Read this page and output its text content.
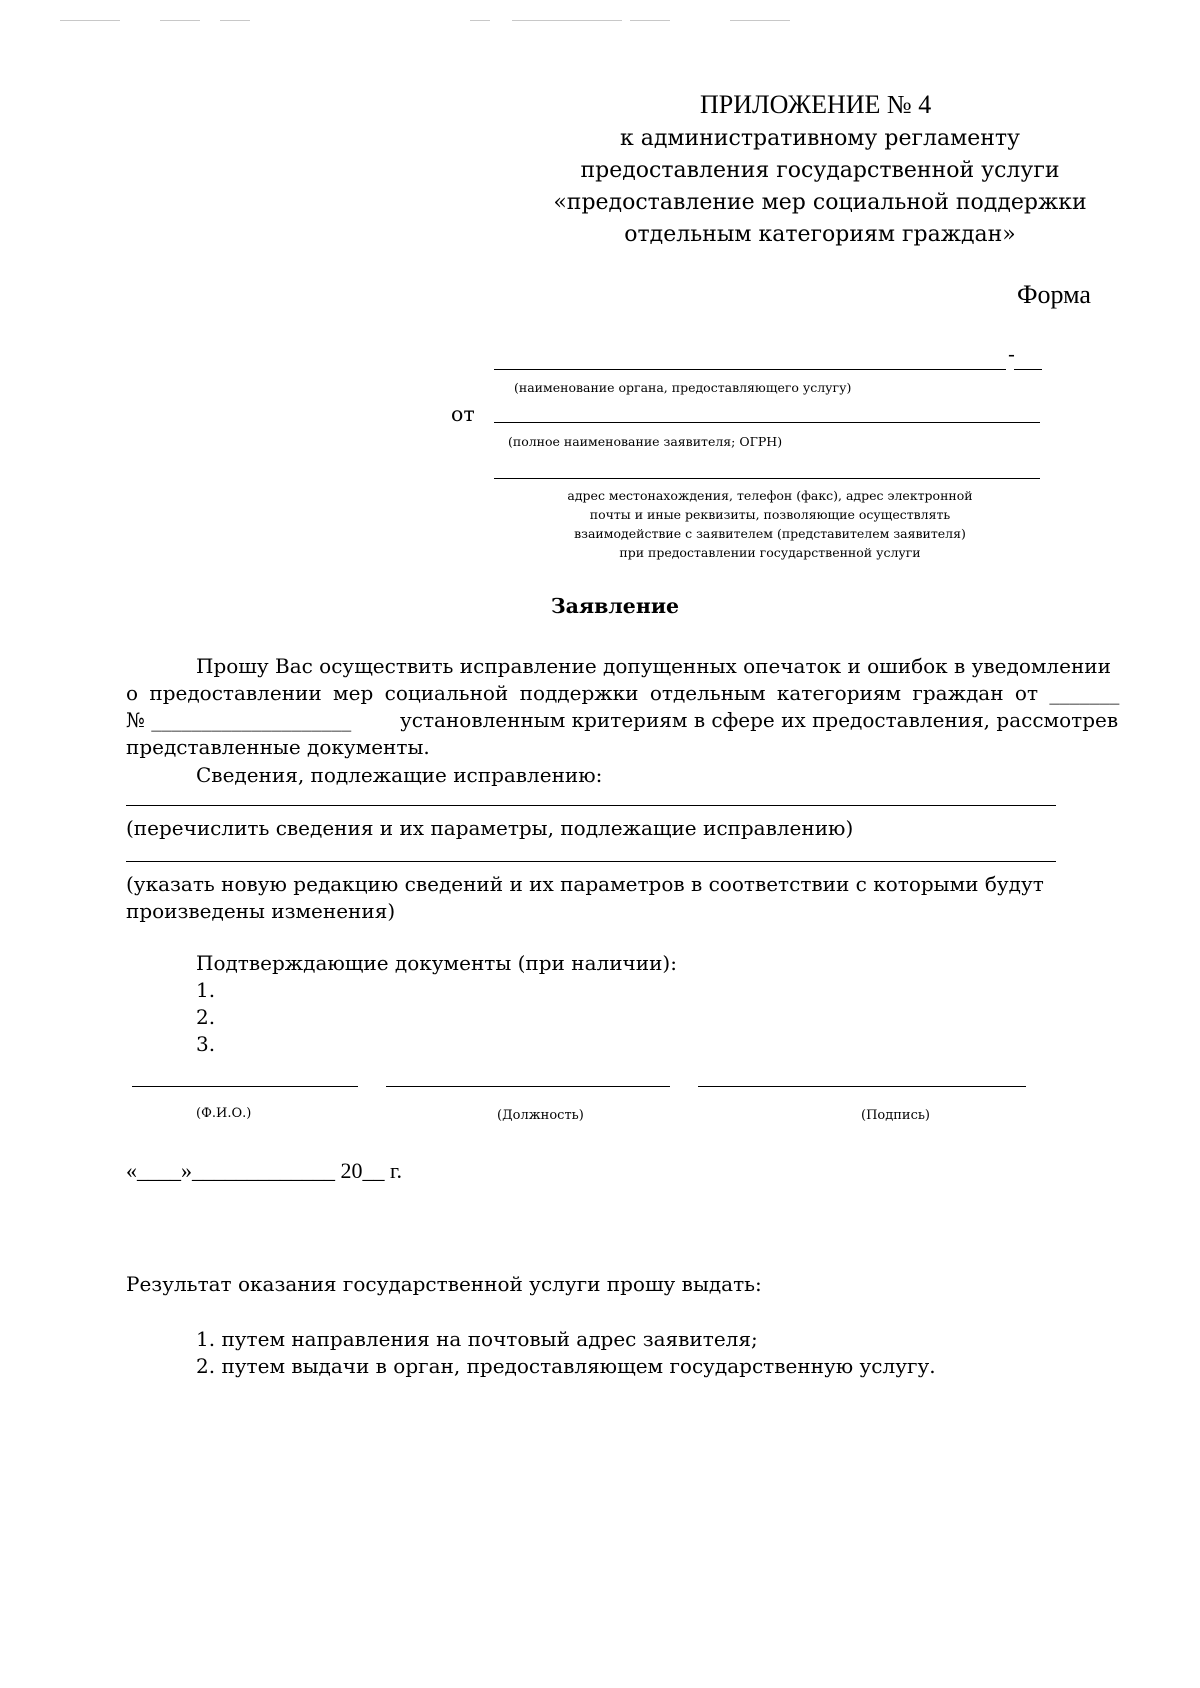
ПРИЛОЖЕНИЕ № 4
к административному регламенту
предоставления государственной услуги
«предоставление мер социальной поддержки
отдельным категориям граждан»
Форма
-
(наименование органа, предоставляющего услугу)
от
(полное наименование заявителя; ОГРН)
адрес местонахождения, телефон (факс), адрес электронной
почты и иные реквизиты, позволяющие осуществлять
взаимодействие с заявителем (представителем заявителя)
при предоставлении государственной услуги
Заявление
Прошу Вас осуществить исправление допущенных опечаток и ошибок в уведомлении
о предоставлении мер социальной поддержки отдельным категориям граждан от _______
№ ____________________ установленным критериям в сфере их предоставления, рассмотрев
представленные документы.
Сведения, подлежащие исправлению:
(перечислить сведения и их параметры, подлежащие исправлению)
(указать новую редакцию сведений и их параметров в соответствии с которыми будут
произведены изменения)
Подтверждающие документы (при наличии):
1.
2.
3.
(Ф.И.О.)	(Должность)	(Подпись)
«____»_____________ 20__ г.
Результат оказания государственной услуги прошу выдать:
1. путем направления на почтовый адрес заявителя;
2. путем выдачи в орган, предоставляющем государственную услугу.
